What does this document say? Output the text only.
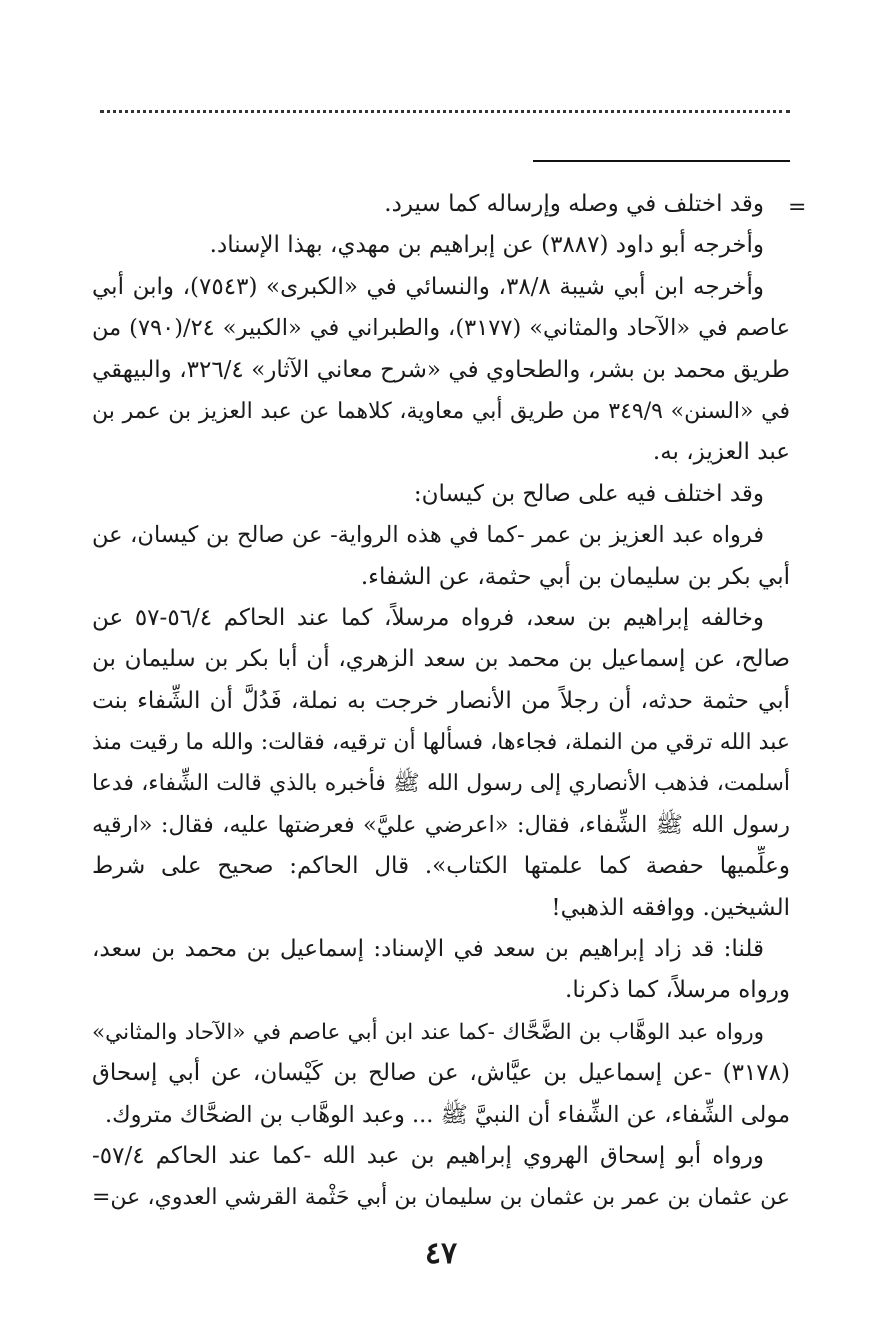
=
وقد اختلف في وصله وإرساله كما سيرد.
وأخرجه أبو داود (٣٨٨٧) عن إبراهيم بن مهدي، بهذا الإسناد.
وأخرجه ابن أبي شيبة ٣٨/٨، والنسائي في «الكبرى» (٧٥٤٣)، وابن أبي
عاصم في «الآحاد والمثاني» (٣١٧٧)، والطبراني في «الكبير» ٢٤/(٧٩٠) من
طريق محمد بن بشر، والطحاوي في «شرح معاني الآثار» ٣٢٦/٤، والبيهقي
في «السنن» ٣٤٩/٩ من طريق أبي معاوية، كلاهما عن عبد العزيز بن عمر بن
عبد العزيز، به.
وقد اختلف فيه على صالح بن كيسان:
فرواه عبد العزيز بن عمر -كما في هذه الرواية- عن صالح بن كيسان، عن
أبي بكر بن سليمان بن أبي حثمة، عن الشفاء.
وخالفه إبراهيم بن سعد، فرواه مرسلاً، كما عند الحاكم ٥٦/٤-٥٧ عن
صالح، عن إسماعيل بن محمد بن سعد الزهري، أن أبا بكر بن سليمان بن
أبي حثمة حدثه، أن رجلاً من الأنصار خرجت به نملة، فَدُلَّ أن الشِّفاء بنت
عبد الله ترقي من النملة، فجاءها، فسألها أن ترقيه، فقالت: والله ما رقيت منذ
أسلمت، فذهب الأنصاري إلى رسول الله ﷺ فأخبره بالذي قالت الشِّفاء، فدعا
رسول الله ﷺ الشِّفاء، فقال: «اعرضي عليَّ» فعرضتها عليه، فقال: «ارقيه
وعلِّميها حفصة كما علمتها الكتاب». قال الحاكم: صحيح على شرط
الشيخين. ووافقه الذهبي!
قلنا: قد زاد إبراهيم بن سعد في الإسناد: إسماعيل بن محمد بن سعد،
ورواه مرسلاً، كما ذكرنا.
ورواه عبد الوهَّاب بن الضَّحَّاك -كما عند ابن أبي عاصم في «الآحاد والمثاني»
(٣١٧٨) -عن إسماعيل بن عيَّاش، عن صالح بن كَيْسان، عن أبي إسحاق
مولى الشِّفاء، عن الشِّفاء أن النبيَّ ﷺ ... وعبد الوهَّاب بن الضحَّاك متروك.
ورواه أبو إسحاق الهروي إبراهيم بن عبد الله -كما عند الحاكم ٥٧/٤-
عن عثمان بن عمر بن عثمان بن سليمان بن أبي حَثْمة القرشي العدوي، عن=
٤٧
